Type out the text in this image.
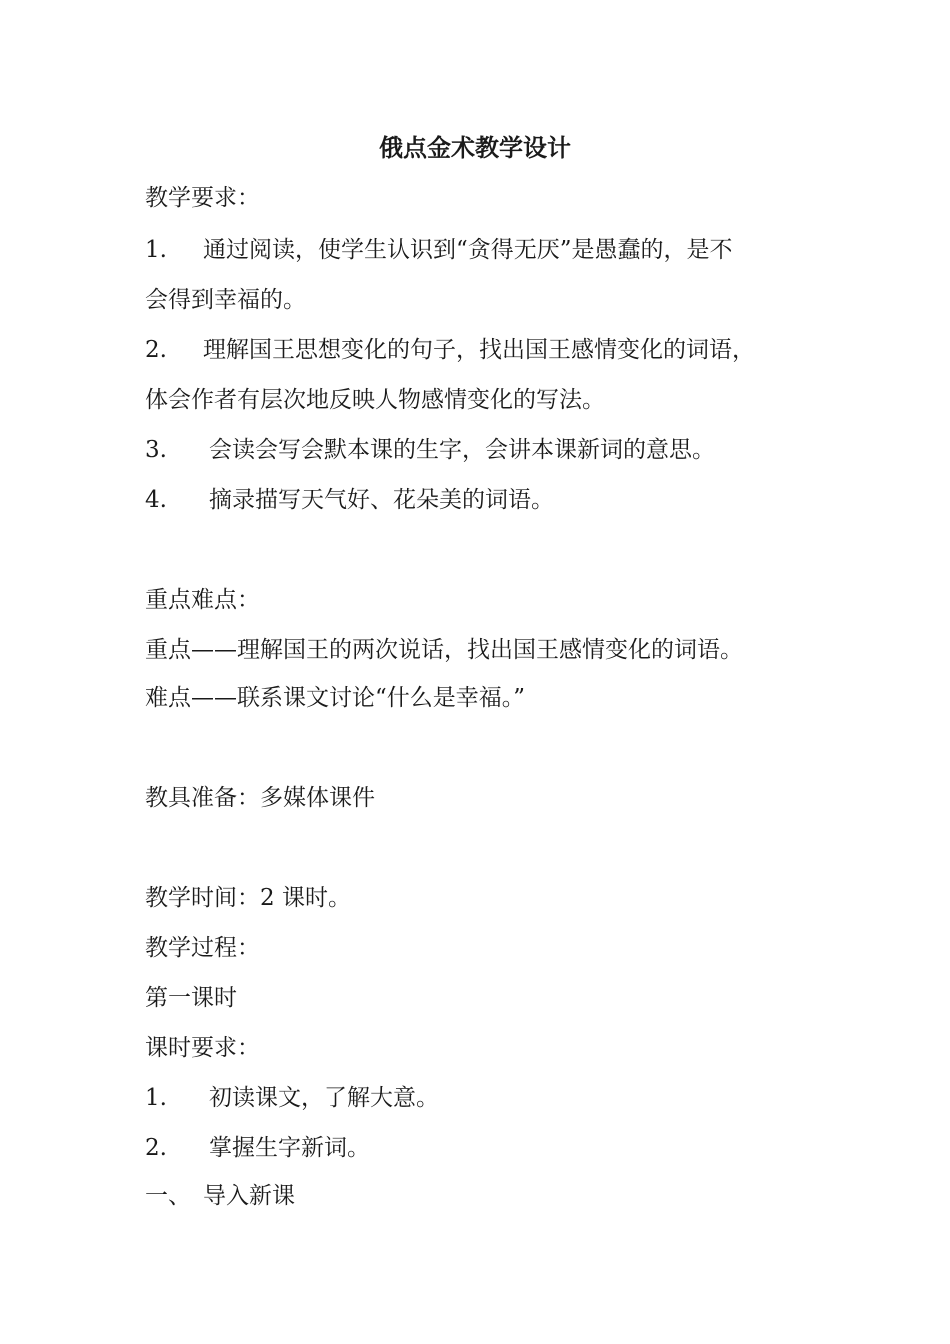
俄点金术教学设计
教学要求：
1. 通过阅读，使学生认识到“贪得无厌”是愚蠢的，是不
会得到幸福的。
2. 理解国王思想变化的句子，找出国王感情变化的词语，
体会作者有层次地反映人物感情变化的写法。
3. 会读会写会默本课的生字，会讲本课新词的意思。
4. 摘录描写天气好、花朵美的词语。
重点难点：
重点——理解国王的两次说话，找出国王感情变化的词语。
难点——联系课文讨论“什么是幸福。”
教具准备：多媒体课件
教学时间：2 课时。
教学过程：
第一课时
课时要求：
1. 初读课文，了解大意。
2. 掌握生字新词。
一、 导入新课
